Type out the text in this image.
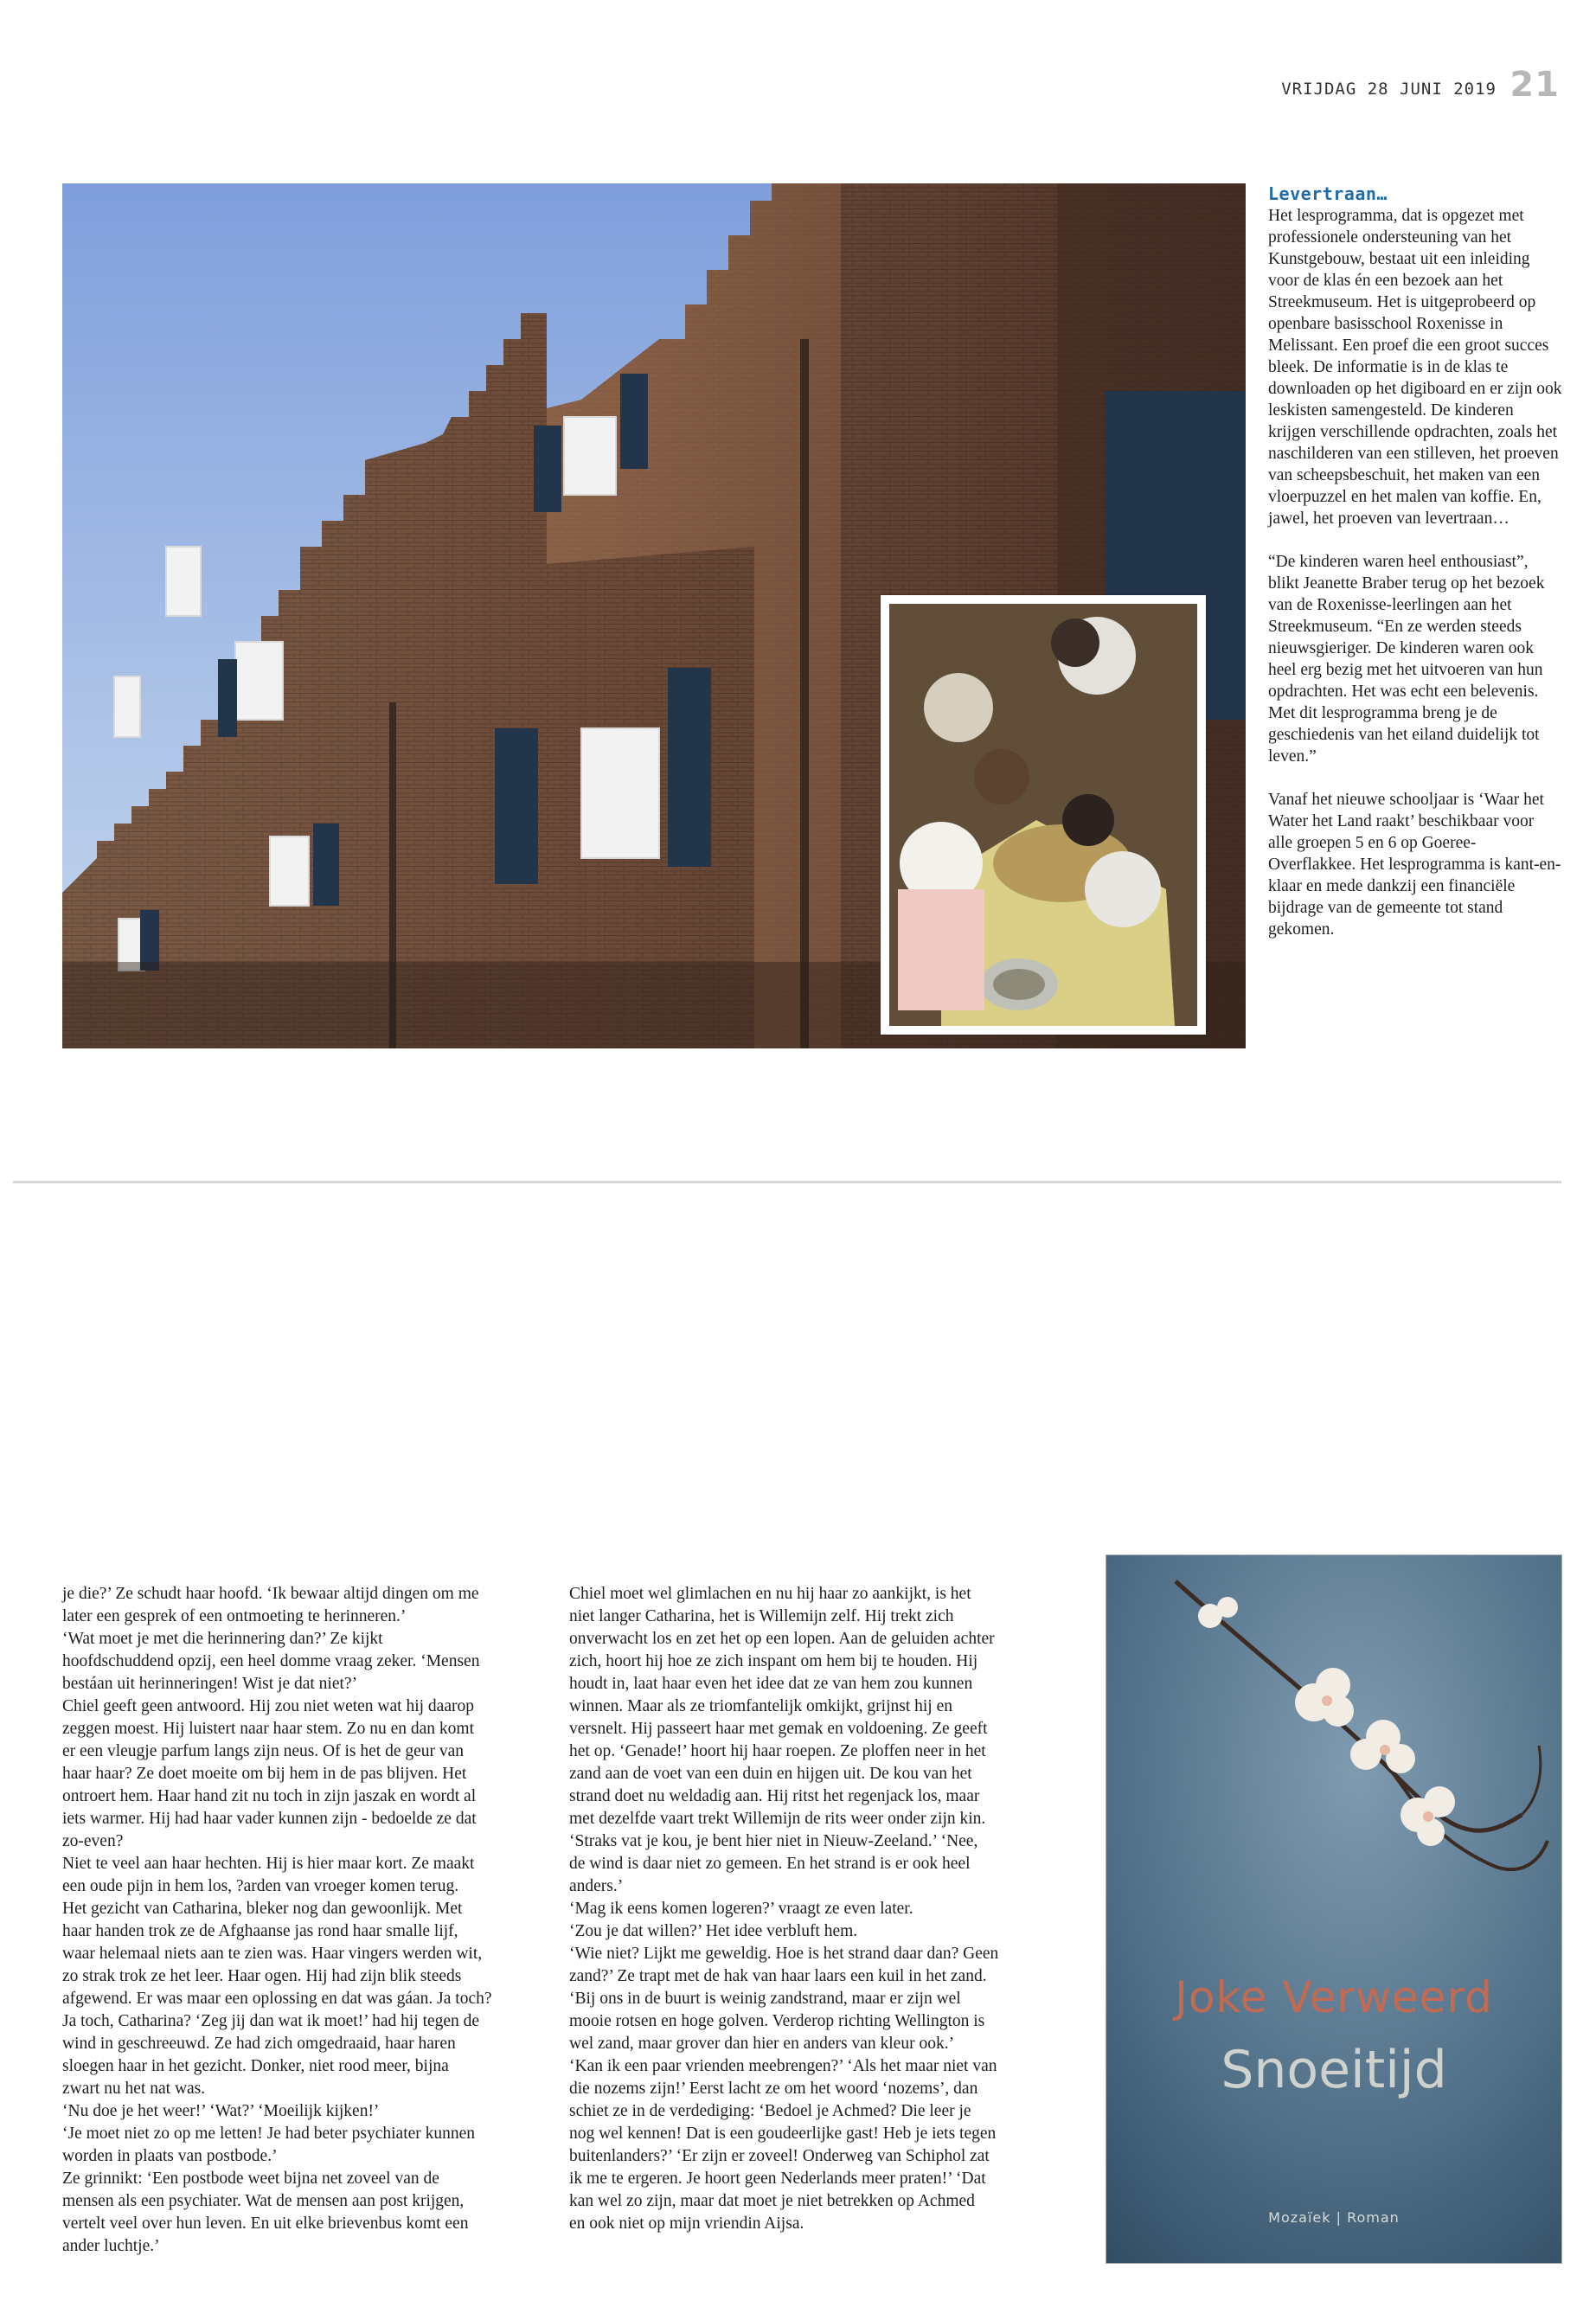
VRIJDAG 28 JUNI 2019 21
Levertraan…

Het lesprogramma, dat is opgezet met professionele ondersteuning van het Kunstgebouw, bestaat uit een inleiding voor de klas én een bezoek aan het Streekmuseum. Het is uitgeprobeerd op openbare basisschool Roxenisse in Melissant. Een proef die een groot succes bleek. De informatie is in de klas te downloaden op het digiboard en er zijn ook leskisten samengesteld. De kinderen krijgen verschillende opdrachten, zoals het naschilderen van een stilleven, het proeven van scheepsbeschuit, het maken van een vloerpuzzel en het malen van koffie. En, jawel, het proeven van levertraan…

“De kinderen waren heel enthousiast”, blikt Jeanette Braber terug op het bezoek van de Roxenisse-leerlingen aan het Streekmuseum. “En ze werden steeds nieuwsgieriger. De kinderen waren ook heel erg bezig met het uitvoeren van hun opdrachten. Het was echt een belevenis. Met dit lesprogramma breng je de geschiedenis van het eiland duidelijk tot leven.”

Vanaf het nieuwe schooljaar is ‘Waar het Water het Land raakt’ beschikbaar voor alle groepen 5 en 6 op Goeree-Overflakkee. Het lesprogramma is kant-en-klaar en mede dankzij een financiële bijdrage van de gemeente tot stand gekomen.

je die?’ Ze schudt haar hoofd. ‘Ik bewaar altijd dingen om me

later een gesprek of een ontmoeting te herinneren.’

‘Wat moet je met die herinnering dan?’ Ze kijkt

hoofdschuddend opzij, een heel domme vraag zeker. ‘Mensen

bestáan uit herinneringen! Wist je dat niet?’

Chiel geeft geen antwoord. Hij zou niet weten wat hij daarop

zeggen moest. Hij luistert naar haar stem. Zo nu en dan komt

er een vleugje parfum langs zijn neus. Of is het de geur van

haar haar? Ze doet moeite om bij hem in de pas blijven. Het

ontroert hem. Haar hand zit nu toch in zijn jaszak en wordt al

iets warmer. Hij had haar vader kunnen zijn - bedoelde ze dat

zo-even?

Niet te veel aan haar hechten. Hij is hier maar kort. Ze maakt

een oude pijn in hem los, ?arden van vroeger komen terug.

Het gezicht van Catharina, bleker nog dan gewoonlijk. Met

haar handen trok ze de Afghaanse jas rond haar smalle lijf,

waar helemaal niets aan te zien was. Haar vingers werden wit,

zo strak trok ze het leer. Haar ogen. Hij had zijn blik steeds

afgewend. Er was maar een oplossing en dat was gáan. Ja toch?

Ja toch, Catharina? ‘Zeg jij dan wat ik moet!’ had hij tegen de

wind in geschreeuwd. Ze had zich omgedraaid, haar haren

sloegen haar in het gezicht. Donker, niet rood meer, bijna

zwart nu het nat was.

‘Nu doe je het weer!’ ‘Wat?’ ‘Moeilijk kijken!’

‘Je moet niet zo op me letten! Je had beter psychiater kunnen

worden in plaats van postbode.’

Ze grinnikt: ‘Een postbode weet bijna net zoveel van de

mensen als een psychiater. Wat de mensen aan post krijgen,

vertelt veel over hun leven. En uit elke brievenbus komt een

ander luchtje.’

Chiel moet wel glimlachen en nu hij haar zo aankijkt, is het

niet langer Catharina, het is Willemijn zelf. Hij trekt zich

onverwacht los en zet het op een lopen. Aan de geluiden achter

zich, hoort hij hoe ze zich inspant om hem bij te houden. Hij

houdt in, laat haar even het idee dat ze van hem zou kunnen

winnen. Maar als ze triomfantelijk omkijkt, grijnst hij en

versnelt. Hij passeert haar met gemak en voldoening. Ze geeft

het op. ‘Genade!’ hoort hij haar roepen. Ze ploffen neer in het

zand aan de voet van een duin en hijgen uit. De kou van het

strand doet nu weldadig aan. Hij ritst het regenjack los, maar

met dezelfde vaart trekt Willemijn de rits weer onder zijn kin.

‘Straks vat je kou, je bent hier niet in Nieuw-Zeeland.’ ‘Nee,

de wind is daar niet zo gemeen. En het strand is er ook heel

anders.’

‘Mag ik eens komen logeren?’ vraagt ze even later.

‘Zou je dat willen?’ Het idee verbluft hem.

‘Wie niet? Lijkt me geweldig. Hoe is het strand daar dan? Geen

zand?’ Ze trapt met de hak van haar laars een kuil in het zand.

‘Bij ons in de buurt is weinig zandstrand, maar er zijn wel

mooie rotsen en hoge golven. Verderop richting Wellington is

wel zand, maar grover dan hier en anders van kleur ook.’

‘Kan ik een paar vrienden meebrengen?’ ‘Als het maar niet van

die nozems zijn!’ Eerst lacht ze om het woord ‘nozems’, dan

schiet ze in de verdediging: ‘Bedoel je Achmed? Die leer je

nog wel kennen! Dat is een goudeerlijke gast! Heb je iets tegen

buitenlanders?’ ‘Er zijn er zoveel! Onderweg van Schiphol zat

ik me te ergeren. Je hoort geen Nederlands meer praten!’ ‘Dat

kan wel zo zijn, maar dat moet je niet betrekken op Achmed

en ook niet op mijn vriendin Aijsa.

Joke Verweerd
Snoeitijd
Mozaïek | Roman
